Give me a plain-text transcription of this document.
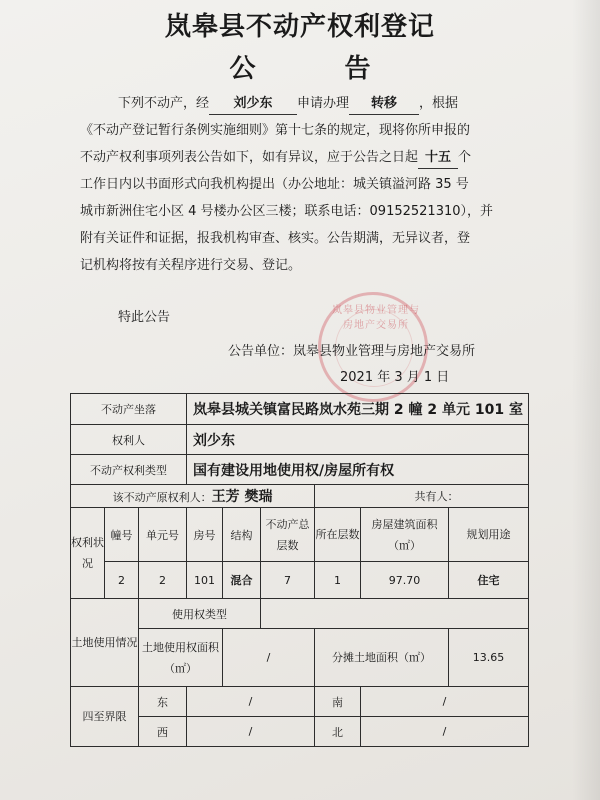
岚皋县不动产权利登记
公 告
下列不动产，经 刘少东 申请办理 转移 ，根据
《不动产登记暂行条例实施细则》第十七条的规定，现将你所申报的
不动产权利事项列表公告如下，如有异议，应于公告之日起 十五 个
工作日内以书面形式向我机构提出（办公地址：城关镇溢河路 35 号
城市新洲住宅小区 4 号楼办公区三楼；联系电话：09152521310），并
附有关证件和证据，报我机构审查、核实。公告期满，无异议者，登
记机构将按有关程序进行交易、登记。
特此公告	岚皋县物业管理与房地产交易所
公告单位：岚皋县物业管理与房地产交易所
2021 年 3 月 1 日
不动产坐落			岚皋县城关镇富民路岚水苑三期 2 幢 2 单元 101 室					
权利人			刘少东					
不动产权利类型			国有建设用地使用权/房屋所有权					
该不动产原权利人：王芳 樊瑞						共有人：		
权利状况	幢号	单元号	房号	结构	不动产总层数	所在层数	房屋建筑面积（㎡）	规划用途
	2	2	101	混合	7	1	97.70	住宅
土地使用情况		使用权类型						
		土地使用权面积（㎡）		/		分摊土地面积（㎡）		13.65
四至界限		东	/			南	/	
		西	/			北	/	
